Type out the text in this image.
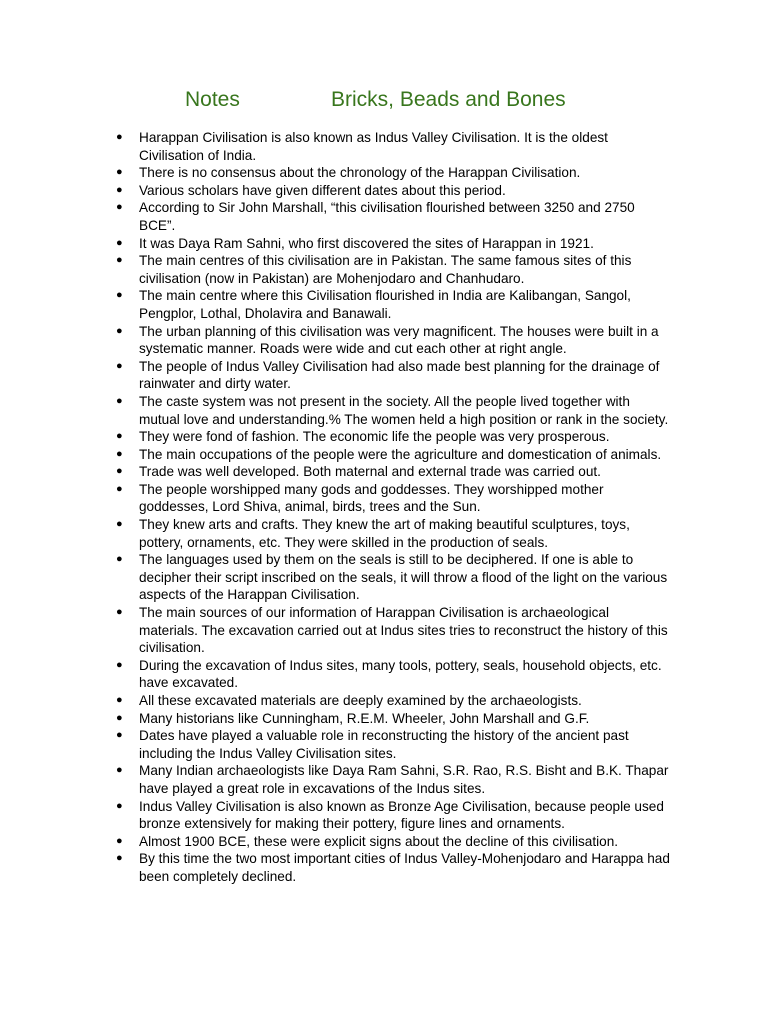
Notes	Bricks, Beads and Bones
● Harappan Civilisation is also known as Indus Valley Civilisation. It is the oldest Civilisation of India.
● There is no consensus about the chronology of the Harappan Civilisation.
● Various scholars have given different dates about this period.
● According to Sir John Marshall, “this civilisation flourished between 3250 and 2750 BCE”.
● It was Daya Ram Sahni, who first discovered the sites of Harappan in 1921.
● The main centres of this civilisation are in Pakistan. The same famous sites of this civilisation (now in Pakistan) are Mohenjodaro and Chanhudaro.
● The main centre where this Civilisation flourished in India are Kalibangan, Sangol, Pengplor, Lothal, Dholavira and Banawali.
● The urban planning of this civilisation was very magnificent. The houses were built in a systematic manner. Roads were wide and cut each other at right angle.
● The people of Indus Valley Civilisation had also made best planning for the drainage of rainwater and dirty water.
● The caste system was not present in the society. All the people lived together with mutual love and understanding.% The women held a high position or rank in the society.
● They were fond of fashion. The economic life the people was very prosperous.
● The main occupations of the people were the agriculture and domestication of animals.
● Trade was well developed. Both maternal and external trade was carried out.
● The people worshipped many gods and goddesses. They worshipped mother goddesses, Lord Shiva, animal, birds, trees and the Sun.
● They knew arts and crafts. They knew the art of making beautiful sculptures, toys, pottery, ornaments, etc. They were skilled in the production of seals.
● The languages used by them on the seals is still to be deciphered. If one is able to decipher their script inscribed on the seals, it will throw a flood of the light on the various aspects of the Harappan Civilisation.
● The main sources of our information of Harappan Civilisation is archaeological materials. The excavation carried out at Indus sites tries to reconstruct the history of this civilisation.
● During the excavation of Indus sites, many tools, pottery, seals, household objects, etc. have excavated.
● All these excavated materials are deeply examined by the archaeologists.
● Many historians like Cunningham, R.E.M. Wheeler, John Marshall and G.F.
● Dates have played a valuable role in reconstructing the history of the ancient past including the Indus Valley Civilisation sites.
● Many Indian archaeologists like Daya Ram Sahni, S.R. Rao, R.S. Bisht and B.K. Thapar have played a great role in excavations of the Indus sites.
● Indus Valley Civilisation is also known as Bronze Age Civilisation, because people used bronze extensively for making their pottery, figure lines and ornaments.
● Almost 1900 BCE, these were explicit signs about the decline of this civilisation.
● By this time the two most important cities of Indus Valley-Mohenjodaro and Harappa had been completely declined.
